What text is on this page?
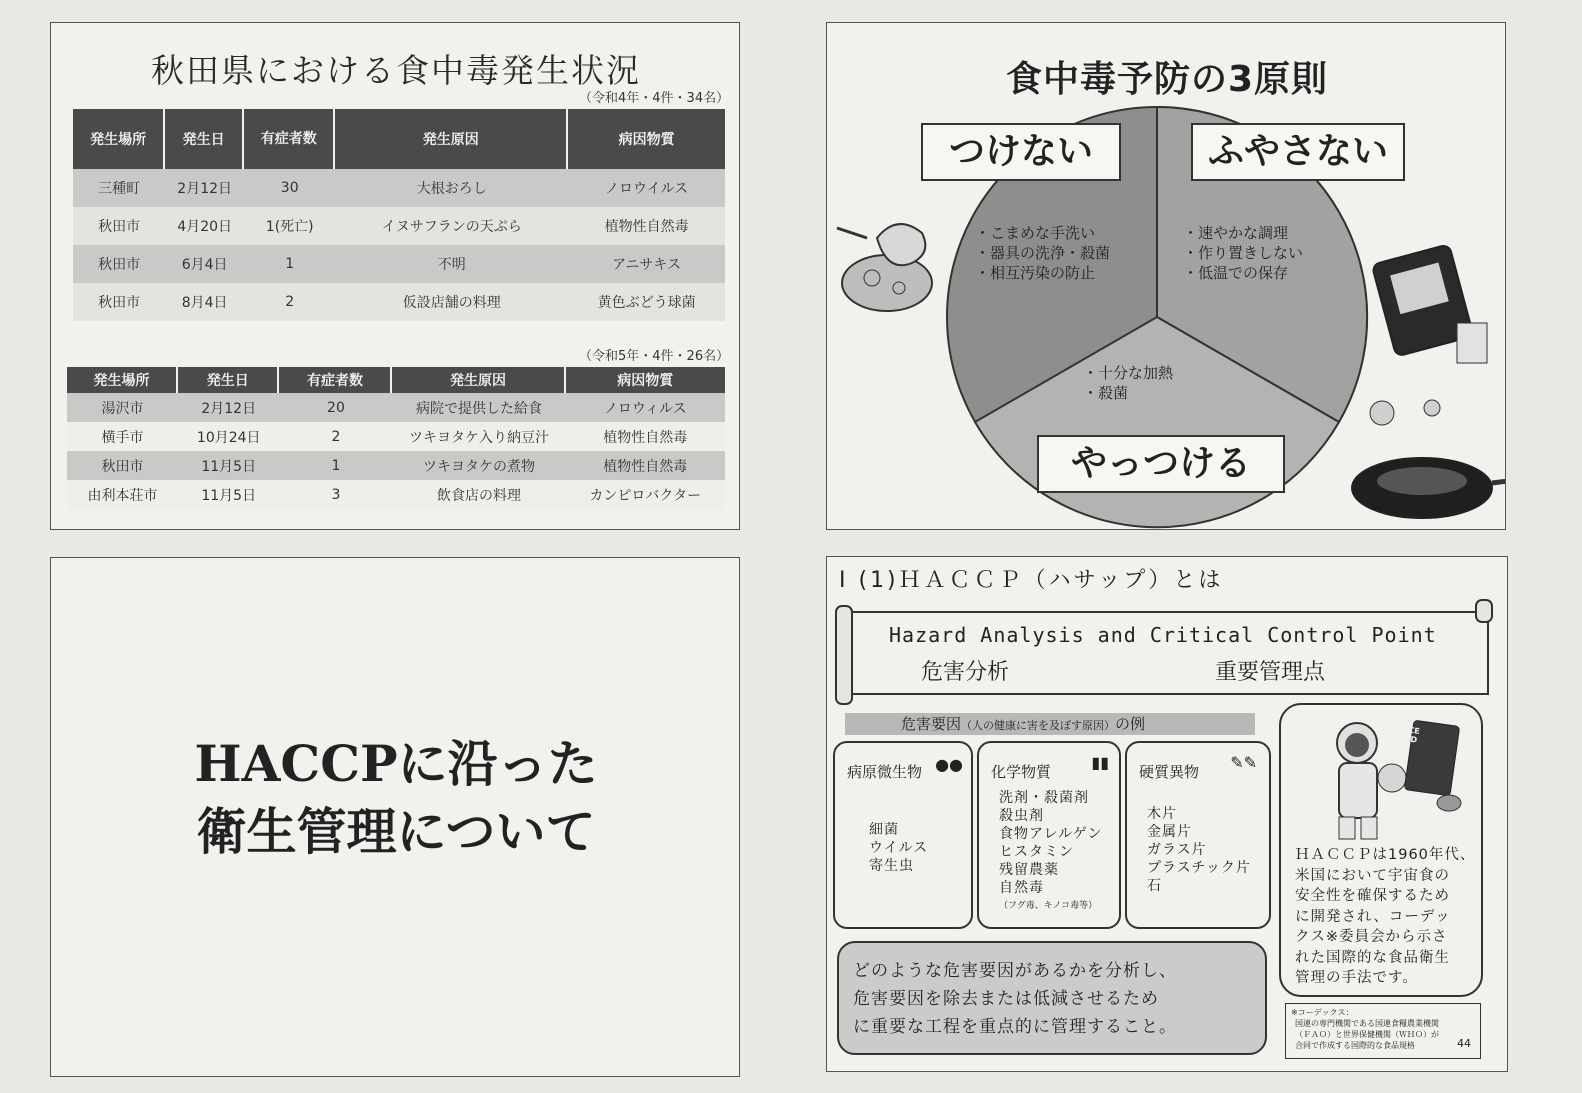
秋田県における食中毒発生状況
（令和4年・4件・34名）
発生場所	発生日	有症者数	発生原因	病因物質
三種町	2月12日	30	大根おろし	ノロウイルス
秋田市	4月20日	1(死亡)	イヌサフランの天ぷら	植物性自然毒
秋田市	6月4日	1	不明	アニサキス
秋田市	8月4日	2	仮設店舗の料理	黄色ぶどう球菌
（令和5年・4件・26名）
発生場所	発生日	有症者数	発生原因	病因物質
湯沢市	2月12日	20	病院で提供した給食	ノロウィルス
横手市	10月24日	2	ツキヨタケ入り納豆汁	植物性自然毒
秋田市	11月5日	1	ツキヨタケの煮物	植物性自然毒
由利本荘市	11月5日	3	飲食店の料理	カンピロバクター
食中毒予防の3原則
つけない	ふやさない
やっつける
・こまめな手洗い
・器具の洗浄・殺菌
・相互汚染の防止
・速やかな調理
・作り置きしない
・低温での保存
・十分な加熱
・殺菌
HACCPに沿った
衛生管理について
Ⅰ (1)ＨＡＣＣＰ（ハサップ）とは
Hazard Analysis and Critical Control Point
危害分析	重要管理点
危害要因（人の健康に害を及ぼす原因）の例
病原微生物 ●●
細菌
ウイルス
寄生虫
化学物質	▮▮
洗剤・殺菌剤
殺虫剤
食物アレルゲン
ヒスタミン
残留農薬
自然毒
（フグ毒、キノコ毒等）
硬質異物 ✎✎
木片
金属片
ガラス片
プラスチック片
石
どのような危害要因があるかを分析し、
危害要因を除去または低減させるため
に重要な工程を重点的に管理すること。
SPACE FOOD
ＨＡＣＣＰは1960年代、
米国において宇宙食の
安全性を確保するため
に開発され、コーデッ
クス※委員会から示さ
れた国際的な食品衛生
管理の手法です。
※コーデックス：
国連の専門機関である国連食糧農業機関
（ＦＡＯ）と世界保健機関（ＷＨＯ）が
合同で作成する国際的な食品規格	44
